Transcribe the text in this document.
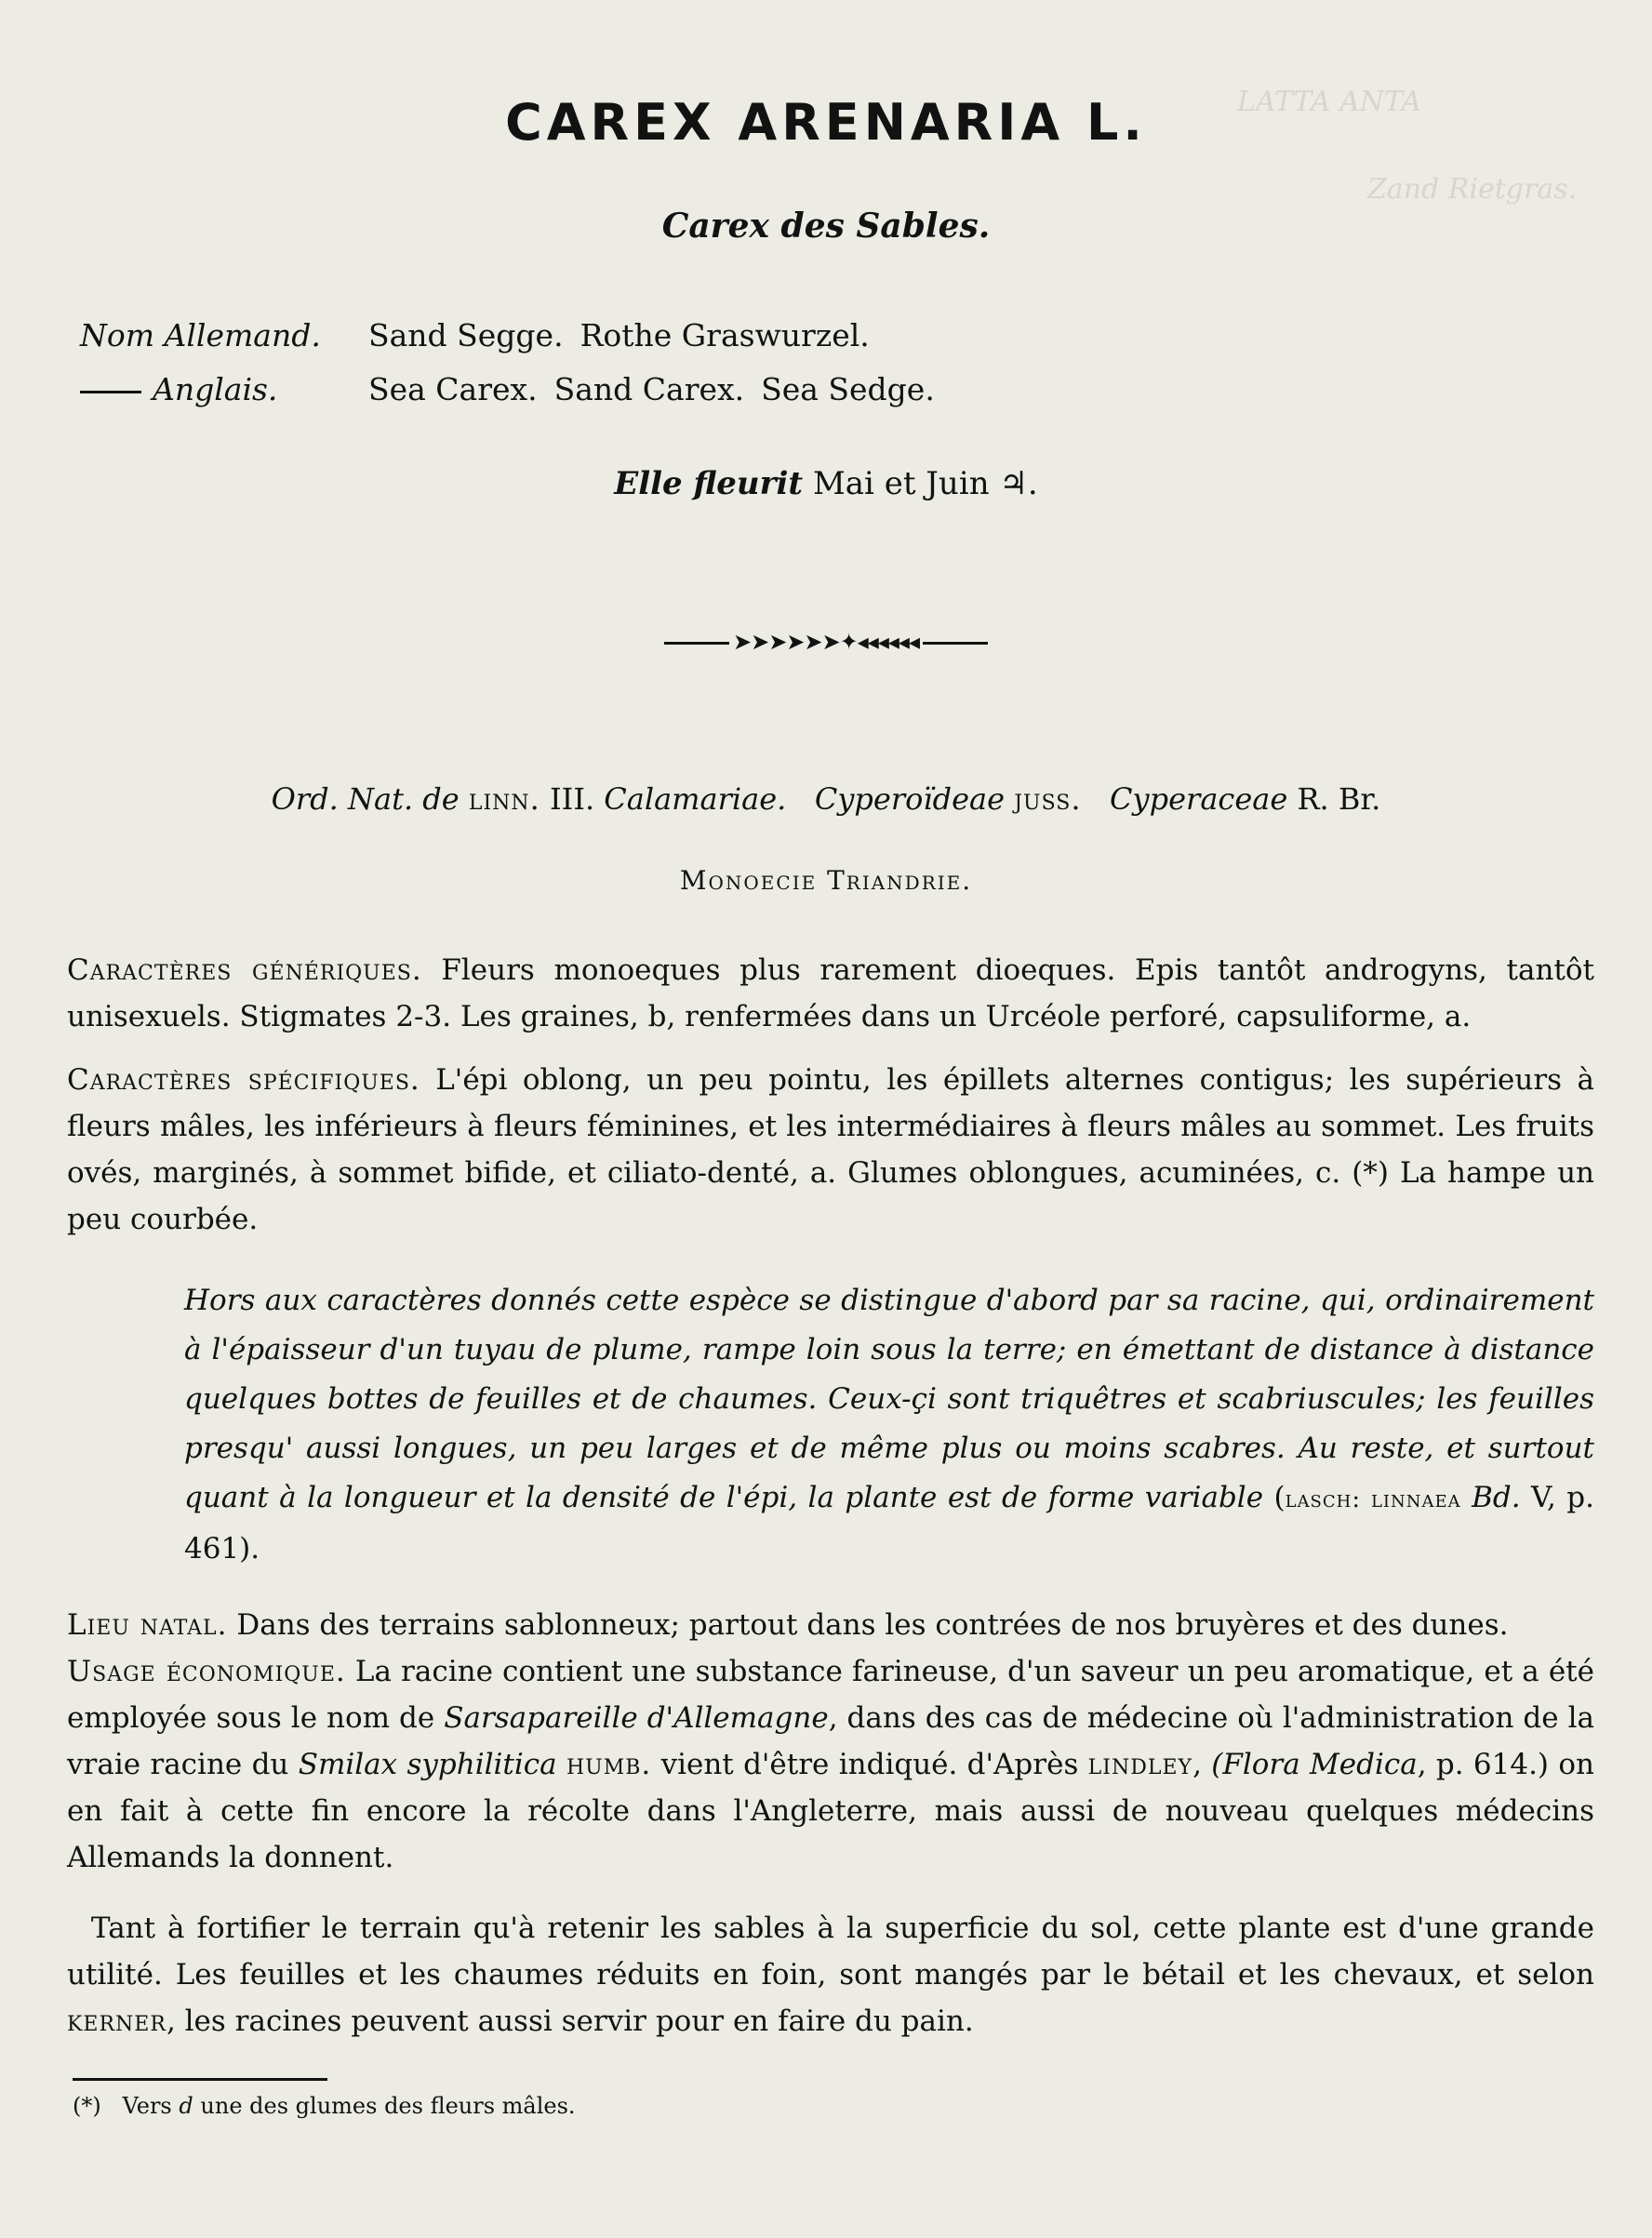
LATTA ANTA
Zand Rietgras.
CAREX ARENARIA L.
Carex des Sables.
Nom Allemand. Sand Segge. Rothe Graswurzel.
Anglais.	Sea Carex. Sand Carex. Sea Sedge.
Elle fleurit Mai et Juin ♃.
➤➤➤➤➤➤✦◂◂◂◂◂◂
Ord. Nat. de linn. III. Calamariae. Cyperoïdeae juss. Cyperaceae R. Br.
Monoecie Triandrie.
Caractères génériques. Fleurs monoeques plus rarement dioeques. Epis tantôt androgyns, tantôt unisexuels. Stigmates 2-3. Les graines, b, renfermées dans un Urcéole perforé, capsuliforme, a.
Caractères spécifiques. L'épi oblong, un peu pointu, les épillets alternes contigus; les supérieurs à fleurs mâles, les inférieurs à fleurs féminines, et les intermédiaires à fleurs mâles au sommet. Les fruits ovés, marginés, à sommet bifide, et ciliato-denté, a. Glumes oblongues, acuminées, c. (*) La hampe un peu courbée.
Hors aux caractères donnés cette espèce se distingue d'abord par sa racine, qui, ordinairement à l'épaisseur d'un tuyau de plume, rampe loin sous la terre; en émettant de distance à distance quelques bottes de feuilles et de chaumes. Ceux-çi sont triquêtres et scabriuscules; les feuilles presqu' aussi longues, un peu larges et de même plus ou moins scabres. Au reste, et surtout quant à la longueur et la densité de l'épi, la plante est de forme variable (lasch: linnaea Bd. V, p. 461).
Lieu natal. Dans des terrains sablonneux; partout dans les contrées de nos bruyères et des dunes.
Usage économique. La racine contient une substance farineuse, d'un saveur un peu aromatique, et a été employée sous le nom de Sarsapareille d'Allemagne, dans des cas de médecine où l'administration de la vraie racine du Smilax syphilitica humb. vient d'être indiqué. d'Après lindley, (Flora Medica, p. 614.) on en fait à cette fin encore la récolte dans l'Angleterre, mais aussi de nouveau quelques médecins Allemands la donnent.
Tant à fortifier le terrain qu'à retenir les sables à la superficie du sol, cette plante est d'une grande utilité. Les feuilles et les chaumes réduits en foin, sont mangés par le bétail et les chevaux, et selon kerner, les racines peuvent aussi servir pour en faire du pain.
(*) Vers d une des glumes des fleurs mâles.
